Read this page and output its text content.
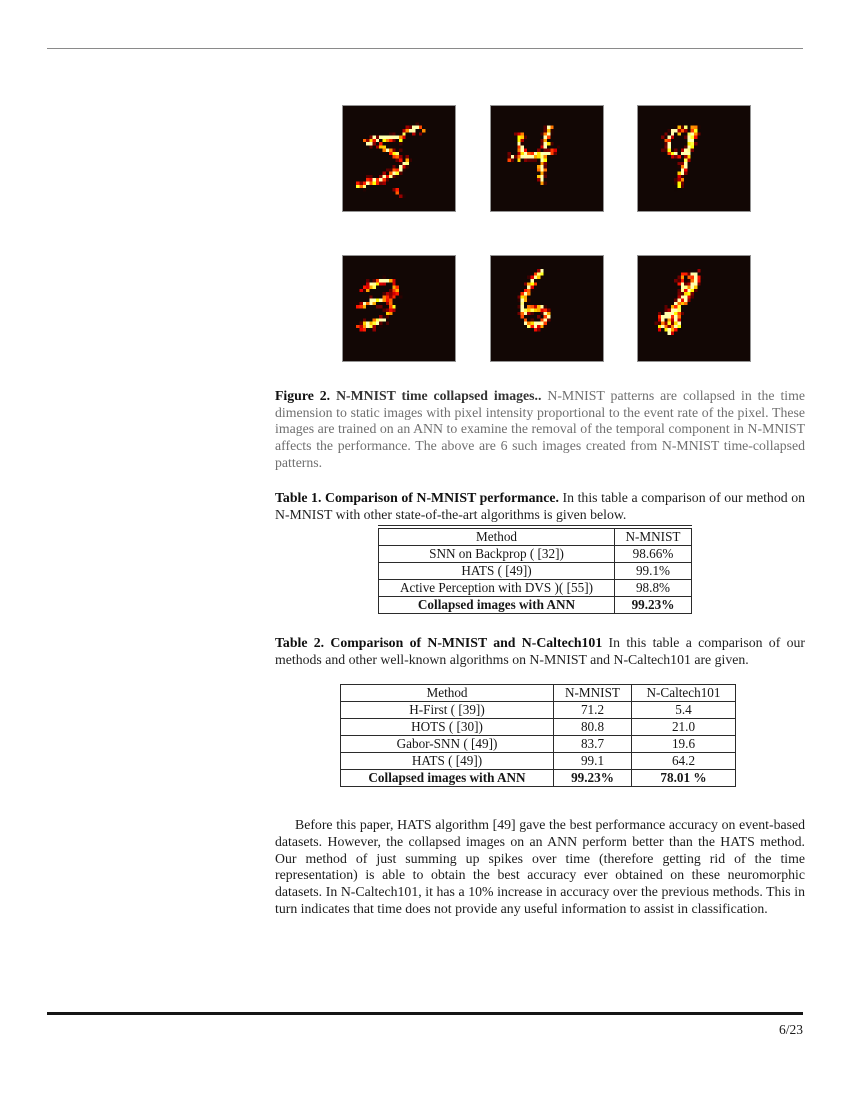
Figure 2. N-MNIST time collapsed images.. N-MNIST patterns are collapsed in the time dimension to static images with pixel intensity proportional to the event rate of the pixel. These images are trained on an ANN to examine the removal of the temporal component in N-MNIST affects the performance. The above are 6 such images created from N-MNIST time-collapsed patterns.
Table 1. Comparison of N-MNIST performance. In this table a comparison of our method on N-MNIST with other state-of-the-art algorithms is given below.
Method	N-MNIST
SNN on Backprop ( [32])	98.66%
HATS ( [49])	99.1%
Active Perception with DVS )( [55])	98.8%
Collapsed images with ANN	99.23%
Table 2. Comparison of N-MNIST and N-Caltech101 In this table a comparison of our methods and other well-known algorithms on N-MNIST and N-Caltech101 are given.
Method	N-MNIST	N-Caltech101
H-First ( [39])	71.2	5.4
HOTS ( [30])	80.8	21.0
Gabor-SNN ( [49])	83.7	19.6
HATS ( [49])	99.1	64.2
Collapsed images with ANN	99.23%	78.01 %
Before this paper, HATS algorithm [49] gave the best performance accuracy on event-based datasets. However, the collapsed images on an ANN perform better than the HATS method. Our method of just summing up spikes over time (therefore getting rid of the time representation) is able to obtain the best accuracy ever obtained on these neuromorphic datasets. In N-Caltech101, it has a 10% increase in accuracy over the previous methods. This in turn indicates that time does not provide any useful information to assist in classification.
6/23
